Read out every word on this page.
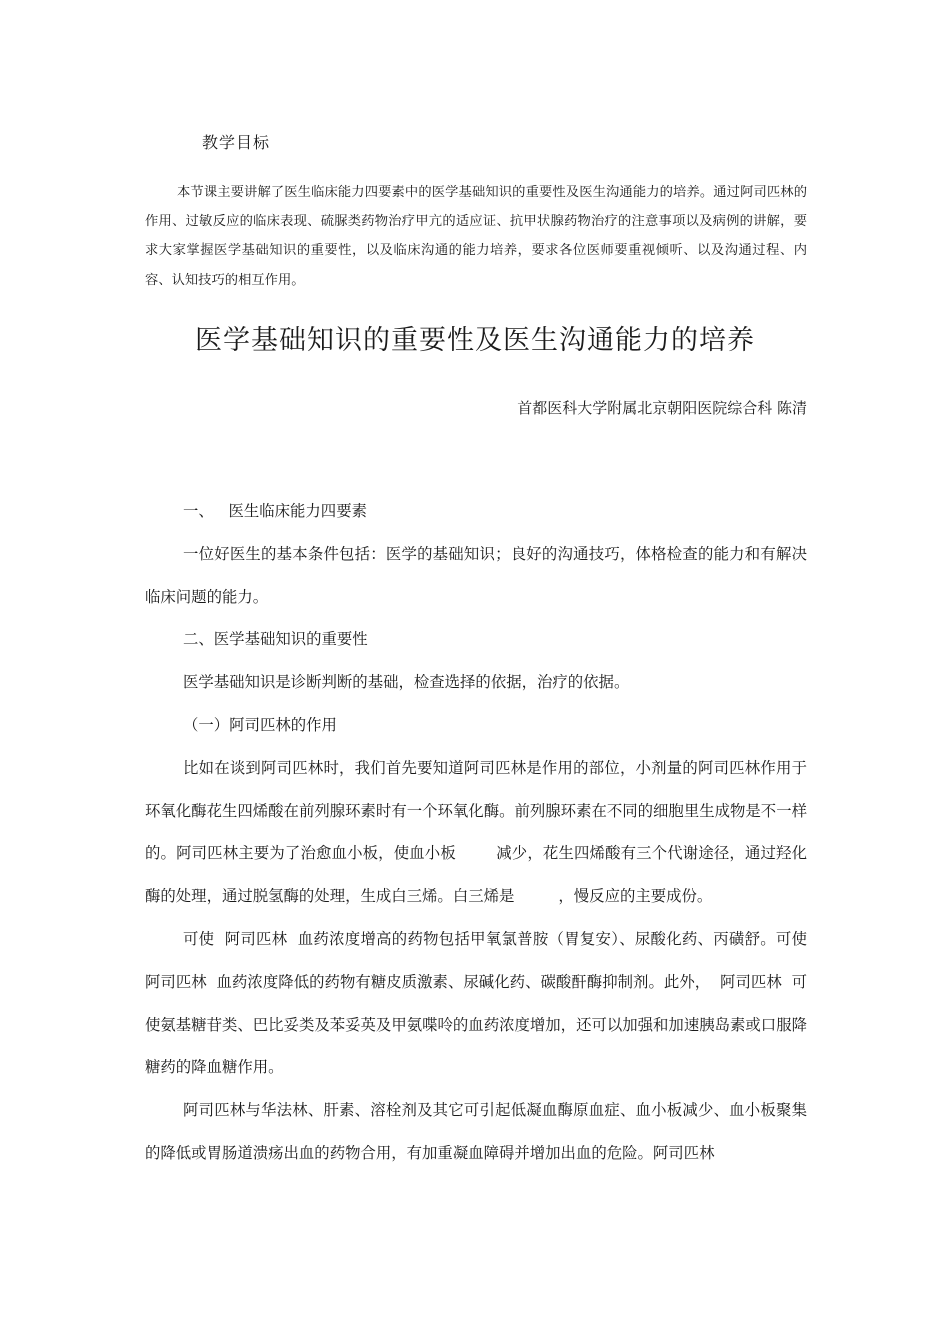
教学目标
本节课主要讲解了医生临床能力四要素中的医学基础知识的重要性及医生沟通能力的培养。通过阿司匹林的作用、过敏反应的临床表现、硫脲类药物治疗甲亢的适应证、抗甲状腺药物治疗的注意事项以及病例的讲解，要求大家掌握医学基础知识的重要性，以及临床沟通的能力培养，要求各位医师要重视倾听、以及沟通过程、内容、认知技巧的相互作用。
医学基础知识的重要性及医生沟通能力的培养
首都医科大学附属北京朝阳医院综合科 陈清

一、   医生临床能力四要素

一位好医生的基本条件包括：医学的基础知识；良好的沟通技巧，体格检查的能力和有解决临床问题的能力。

二、医学基础知识的重要性

医学基础知识是诊断判断的基础，检查选择的依据，治疗的依据。

（一）阿司匹林的作用

比如在谈到阿司匹林时，我们首先要知道阿司匹林是作用的部位，小剂量的阿司匹林作用于环氧化酶花生四烯酸在前列腺环素时有一个环氧化酶。前列腺环素在不同的细胞里生成物是不一样的。阿司匹林主要为了治愈血小板，使血小板        减少，花生四烯酸有三个代谢途径，通过羟化酶的处理，通过脱氢酶的处理，生成白三烯。白三烯是         ，慢反应的主要成份。

可使  阿司匹林  血药浓度增高的药物包括甲氧氯普胺（胃复安）、尿酸化药、丙磺舒。可使  阿司匹林  血药浓度降低的药物有糖皮质激素、尿碱化药、碳酸酐酶抑制剂。此外，  阿司匹林  可使氨基糖苷类、巴比妥类及苯妥英及甲氨喋呤的血药浓度增加，还可以加强和加速胰岛素或口服降糖药的降血糖作用。

阿司匹林与华法林、肝素、溶栓剂及其它可引起低凝血酶原血症、血小板减少、血小板聚集的降低或胃肠道溃疡出血的药物合用，有加重凝血障碍并增加出血的危险。阿司匹林
